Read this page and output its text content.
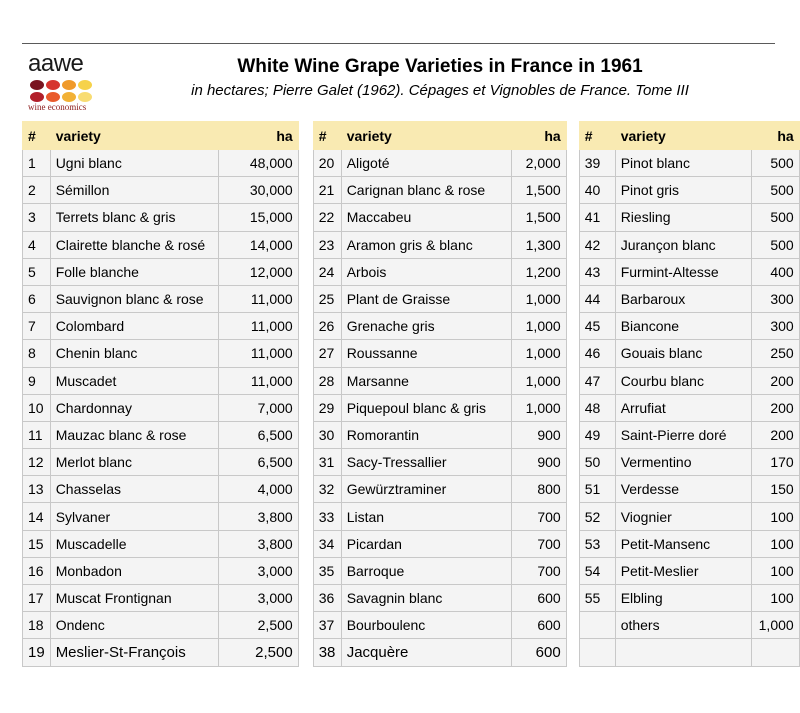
aawe
wine economics
White Wine Grape Varieties in France in 1961
in hectares; Pierre Galet (1962). Cépages et Vignobles de France. Tome III
#	variety	ha		#	variety	ha		#	variety	ha
1	Ugni blanc	48,000		20	Aligoté	2,000		39	Pinot blanc	500
2	Sémillon	30,000		21	Carignan blanc & rose	1,500		40	Pinot gris	500
3	Terrets blanc & gris	15,000		22	Maccabeu	1,500		41	Riesling	500
4	Clairette blanche & rosé	14,000		23	Aramon gris & blanc	1,300		42	Jurançon blanc	500
5	Folle blanche	12,000		24	Arbois	1,200		43	Furmint-Altesse	400
6	Sauvignon blanc & rose	11,000		25	Plant de Graisse	1,000		44	Barbaroux	300
7	Colombard	11,000		26	Grenache gris	1,000		45	Biancone	300
8	Chenin blanc	11,000		27	Roussanne	1,000		46	Gouais blanc	250
9	Muscadet	11,000		28	Marsanne	1,000		47	Courbu blanc	200
10	Chardonnay	7,000		29	Piquepoul blanc & gris	1,000		48	Arrufiat	200
11	Mauzac blanc & rose	6,500		30	Romorantin	900		49	Saint-Pierre doré	200
12	Merlot blanc	6,500		31	Sacy-Tressallier	900		50	Vermentino	170
13	Chasselas	4,000		32	Gewürztraminer	800		51	Verdesse	150
14	Sylvaner	3,800		33	Listan	700		52	Viognier	100
15	Muscadelle	3,800		34	Picardan	700		53	Petit-Mansenc	100
16	Monbadon	3,000		35	Barroque	700		54	Petit-Meslier	100
17	Muscat Frontignan	3,000		36	Savagnin blanc	600		55	Elbling	100
18	Ondenc	2,500		37	Bourboulenc	600			others	1,000
19	Meslier-St-François	2,500		38	Jacquère	600				
